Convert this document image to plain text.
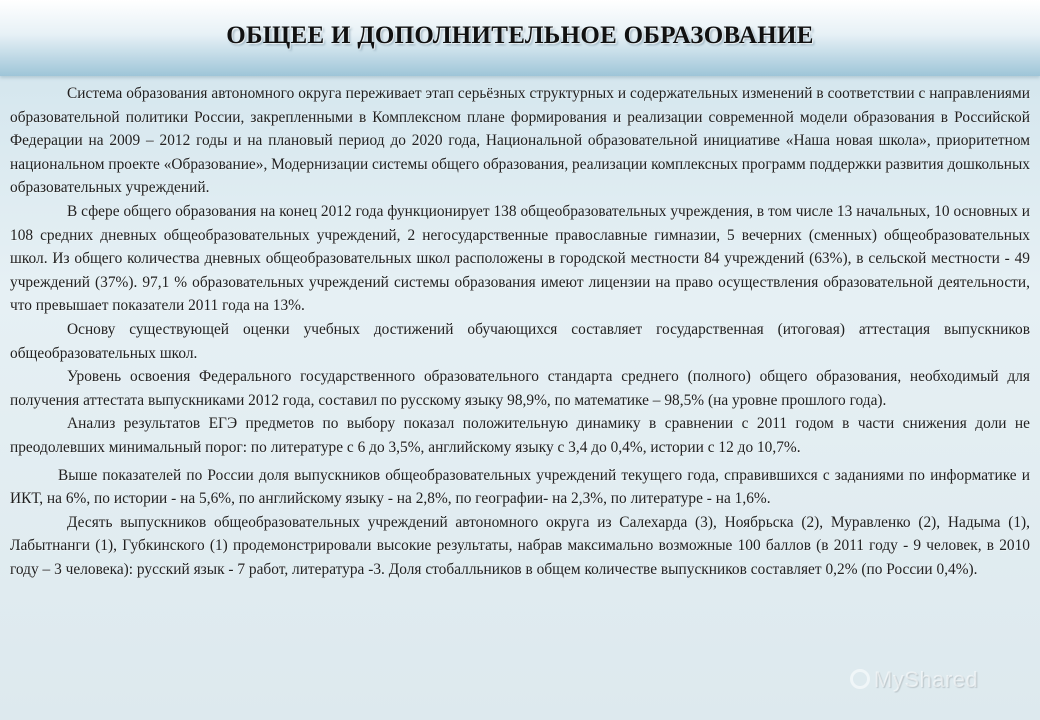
ОБЩЕЕ И ДОПОЛНИТЕЛЬНОЕ ОБРАЗОВАНИЕ

Система образования автономного округа переживает этап серьёзных структурных и содержательных изменений в соответствии с направлениями образовательной политики России, закрепленными в Комплексном плане формирования и реализации современной модели образования в Российской Федерации на 2009 – 2012 годы и на плановый период до 2020 года, Национальной образовательной инициативе «Наша новая школа», приоритетном национальном проекте «Образование», Модернизации системы общего образования, реализации комплексных программ поддержки развития дошкольных образовательных учреждений.

В сфере общего образования на конец 2012 года функционирует 138 общеобразовательных учреждения, в том числе 13 начальных, 10 основных и 108 средних дневных общеобразовательных учреждений, 2 негосударственные православные гимназии, 5 вечерних (сменных) общеобразовательных школ. Из общего количества дневных общеобразовательных школ расположены в городской местности 84 учреждений (63%), в сельской местности - 49 учреждений (37%). 97,1 % образовательных учреждений системы образования имеют лицензии на право осуществления образовательной деятельности, что превышает показатели 2011 года на 13%.

Основу существующей оценки учебных достижений обучающихся составляет государственная (итоговая) аттестация выпускников общеобразовательных школ.

Уровень освоения Федерального государственного образовательного стандарта среднего (полного) общего образования, необходимый для получения аттестата выпускниками 2012 года, составил по русскому языку 98,9%, по математике – 98,5% (на уровне прошлого года).

Анализ результатов ЕГЭ предметов по выбору показал положительную динамику в сравнении с 2011 годом в части снижения доли не преодолевших минимальный порог: по литературе с 6 до 3,5%, английскому языку с 3,4 до 0,4%, истории с 12 до 10,7%.

Выше показателей по России доля выпускников общеобразовательных учреждений текущего года, справившихся с заданиями по информатике и ИКТ, на 6%, по истории - на 5,6%, по английскому языку - на 2,8%, по географии- на 2,3%, по литературе - на 1,6%.

Десять выпускников общеобразовательных учреждений автономного округа из Салехарда (3), Ноябрьска (2), Муравленко (2), Надыма (1), Лабытнанги (1), Губкинского (1) продемонстрировали высокие результаты, набрав максимально возможные 100 баллов (в 2011 году - 9 человек, в 2010 году – 3 человека): русский язык - 7 работ, литература -3. Доля стобалльников в общем количестве выпускников составляет 0,2% (по России 0,4%).

MyShared
